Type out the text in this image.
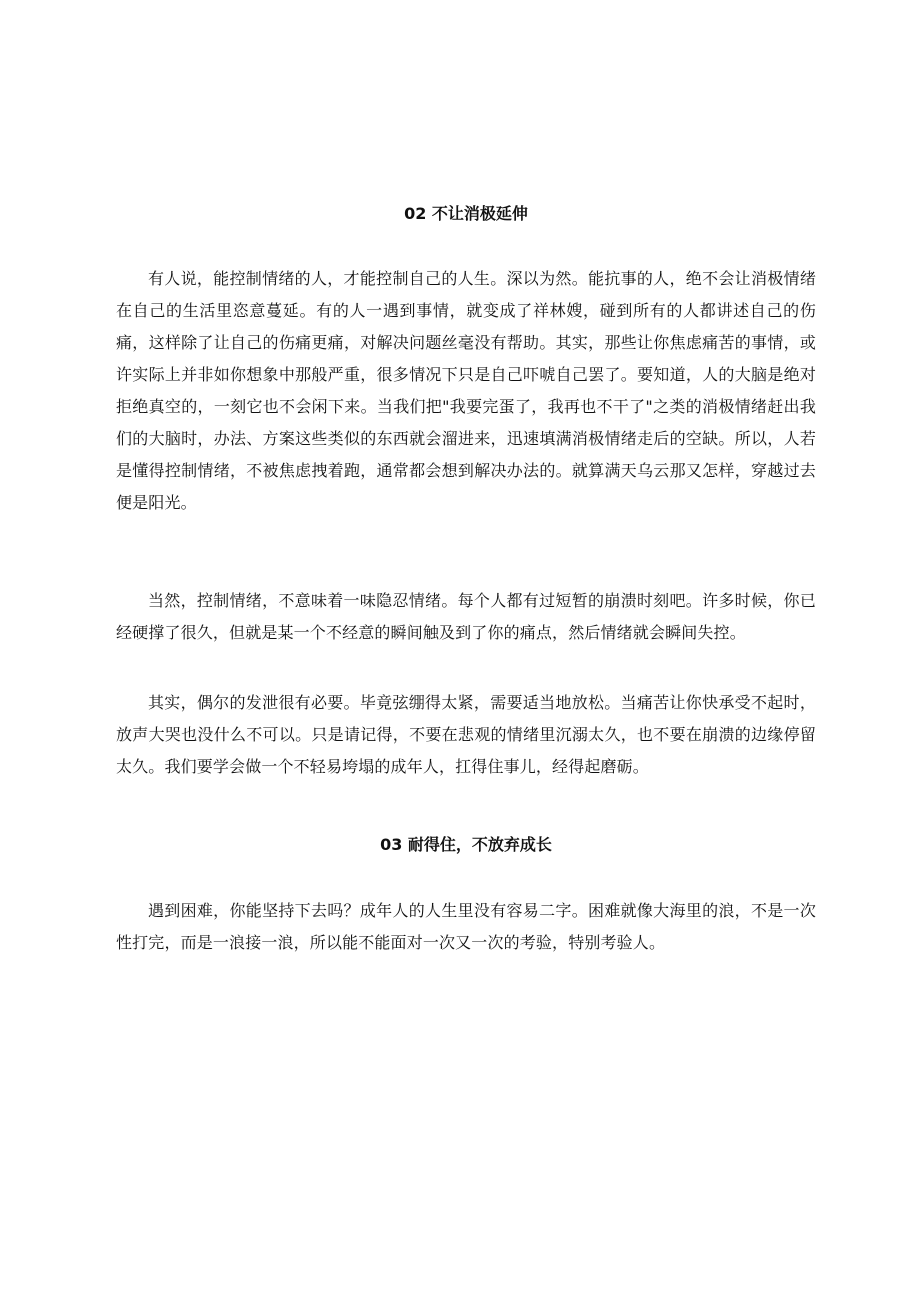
02 不让消极延伸

有人说，能控制情绪的人，才能控制自己的人生。深以为然。能抗事的人，绝不会让消极情绪在自己的生活里恣意蔓延。有的人一遇到事情，就变成了祥林嫂，碰到所有的人都讲述自己的伤痛，这样除了让自己的伤痛更痛，对解决问题丝毫没有帮助。其实，那些让你焦虑痛苦的事情，或许实际上并非如你想象中那般严重，很多情况下只是自己吓唬自己罢了。要知道，人的大脑是绝对拒绝真空的，一刻它也不会闲下来。当我们把"我要完蛋了，我再也不干了"之类的消极情绪赶出我们的大脑时，办法、方案这些类似的东西就会溜进来，迅速填满消极情绪走后的空缺。所以，人若是懂得控制情绪，不被焦虑拽着跑，通常都会想到解决办法的。就算满天乌云那又怎样，穿越过去便是阳光。

当然，控制情绪，不意味着一味隐忍情绪。每个人都有过短暂的崩溃时刻吧。许多时候，你已经硬撑了很久，但就是某一个不经意的瞬间触及到了你的痛点，然后情绪就会瞬间失控。

其实，偶尔的发泄很有必要。毕竟弦绷得太紧，需要适当地放松。当痛苦让你快承受不起时，放声大哭也没什么不可以。只是请记得，不要在悲观的情绪里沉溺太久，也不要在崩溃的边缘停留太久。我们要学会做一个不轻易垮塌的成年人，扛得住事儿，经得起磨砺。

03 耐得住，不放弃成长

遇到困难，你能坚持下去吗？成年人的人生里没有容易二字。困难就像大海里的浪，不是一次性打完，而是一浪接一浪，所以能不能面对一次又一次的考验，特别考验人。
